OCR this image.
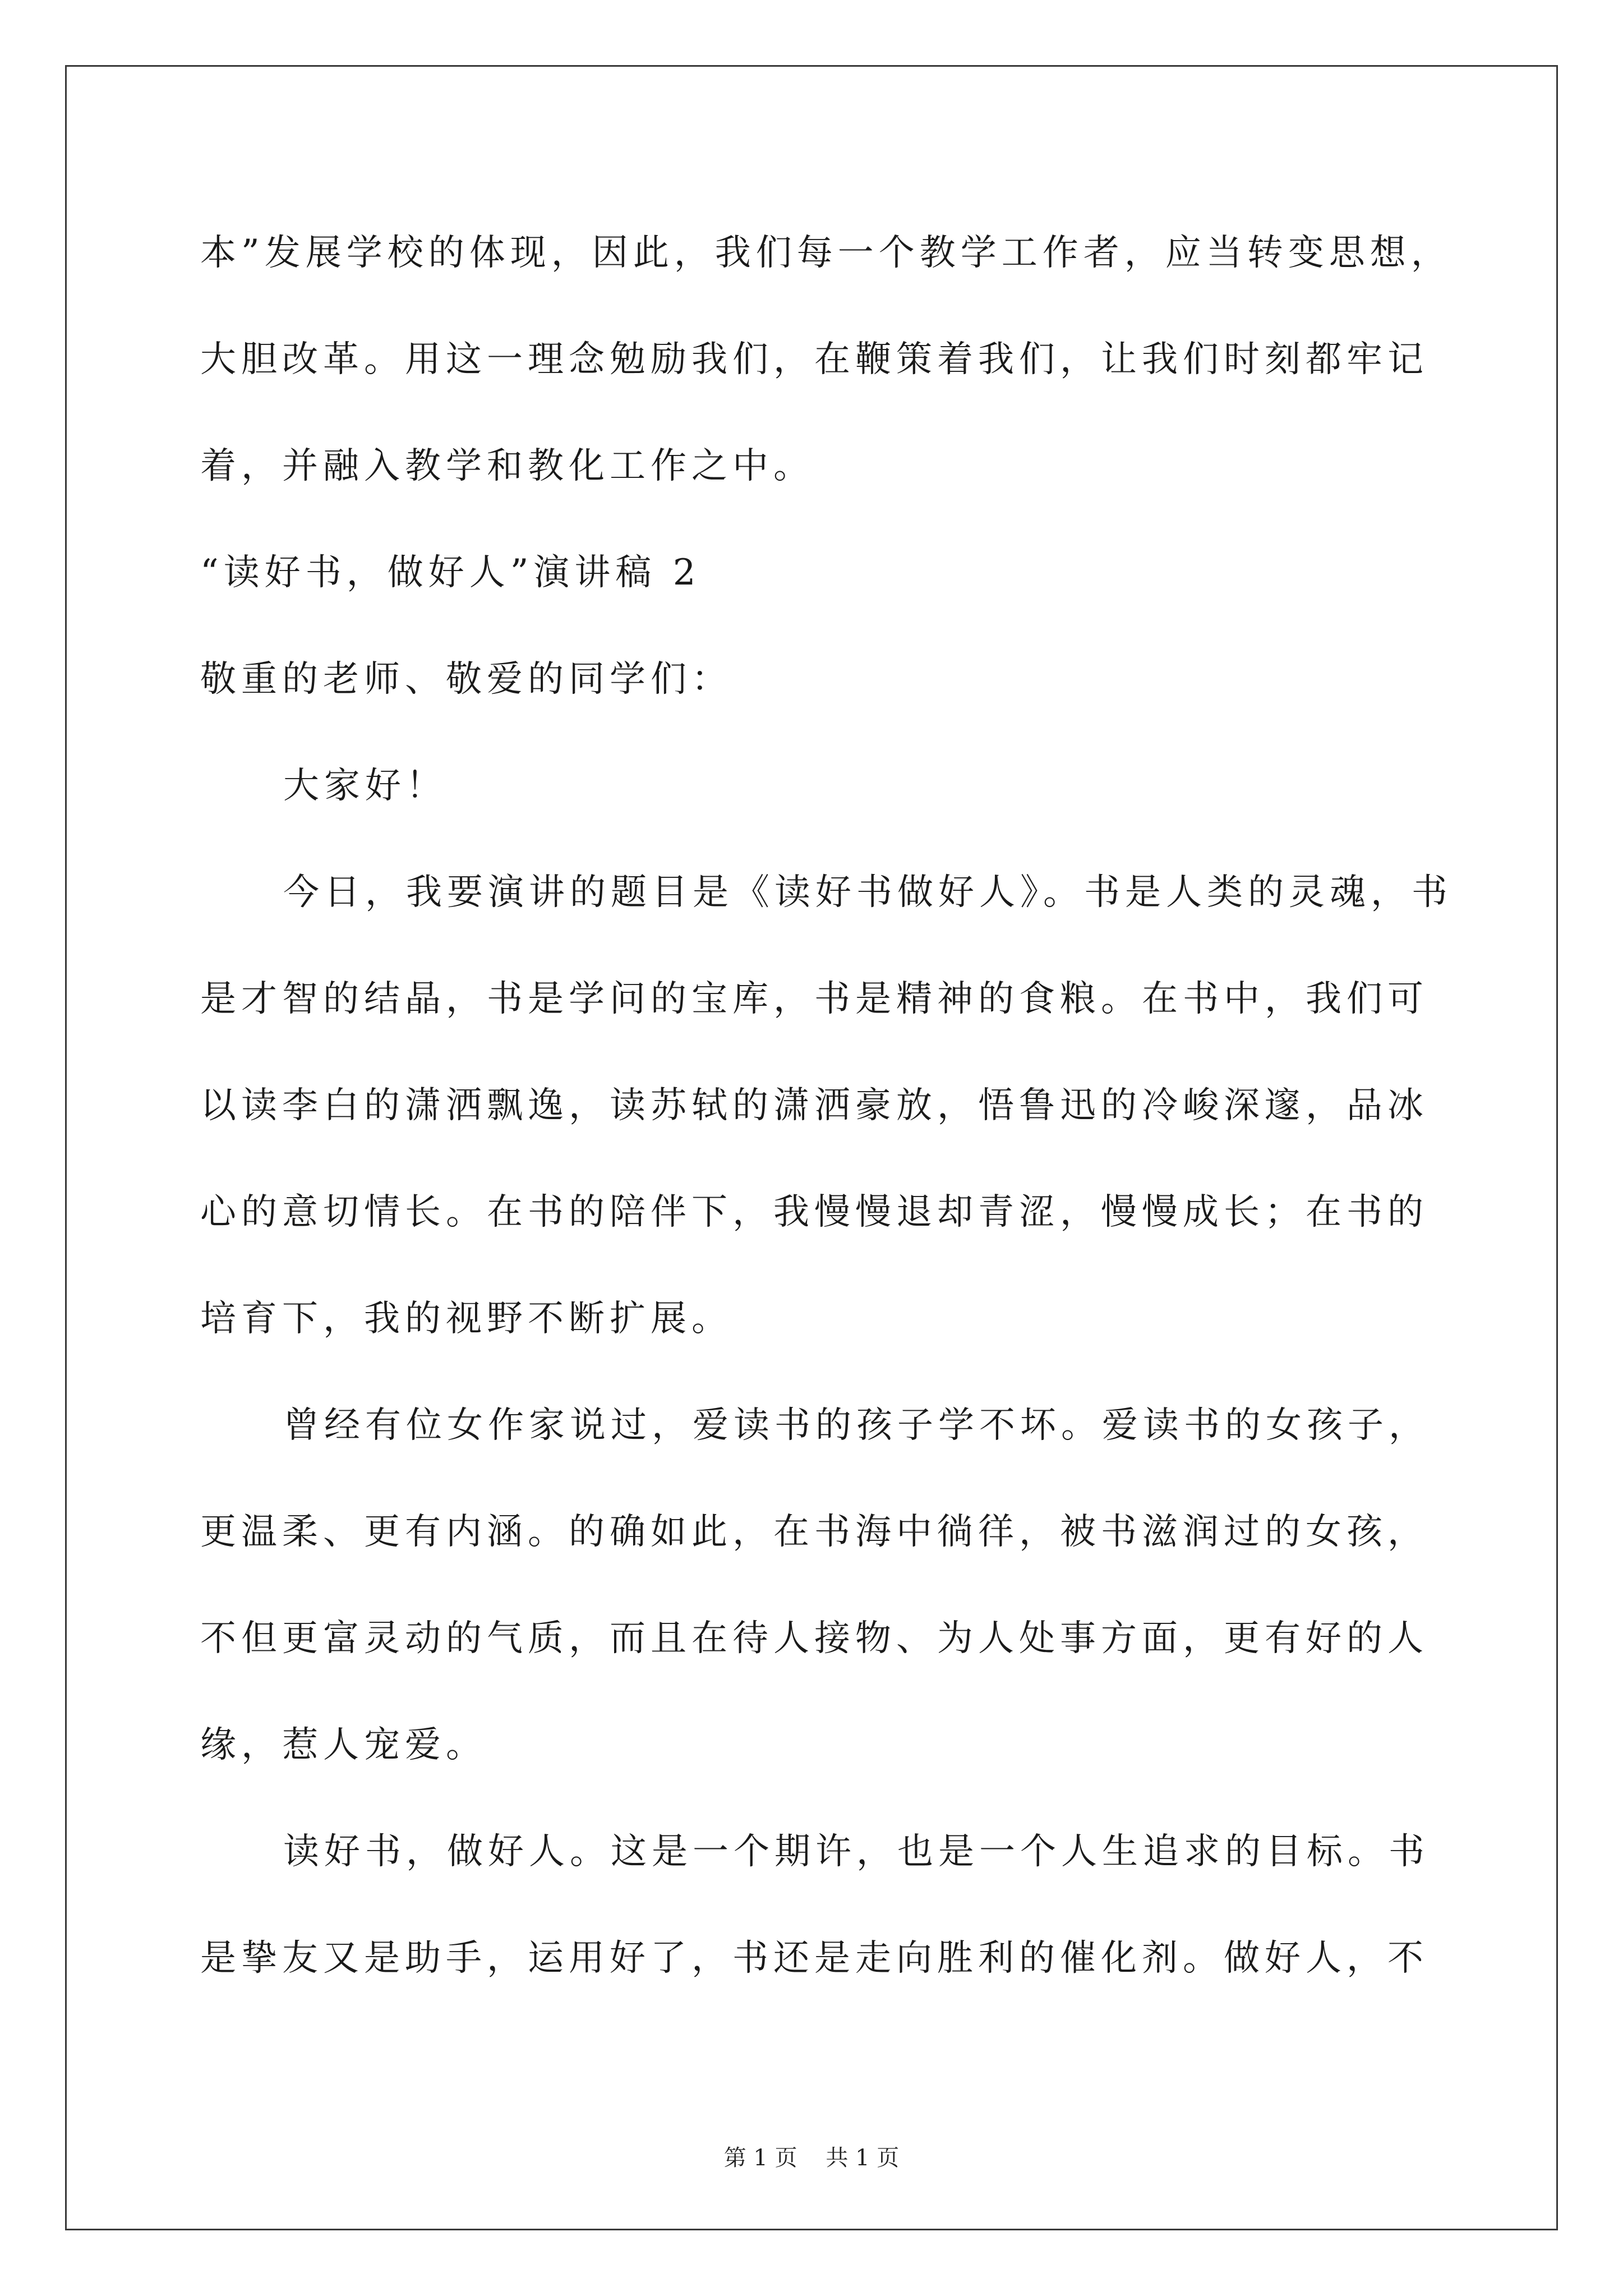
本”发展学校的体现，因此，我们每一个教学工作者，应当转变思想，
大胆改革。用这一理念勉励我们，在鞭策着我们，让我们时刻都牢记
着，并融入教学和教化工作之中。
“读好书，做好人”演讲稿 2
敬重的老师、敬爱的同学们：
大家好！
今日，我要演讲的题目是《读好书做好人》。书是人类的灵魂，书
是才智的结晶，书是学问的宝库，书是精神的食粮。在书中，我们可
以读李白的潇洒飘逸，读苏轼的潇洒豪放，悟鲁迅的冷峻深邃，品冰
心的意切情长。在书的陪伴下，我慢慢退却青涩，慢慢成长；在书的
培育下，我的视野不断扩展。
曾经有位女作家说过，爱读书的孩子学不坏。爱读书的女孩子，
更温柔、更有内涵。的确如此，在书海中徜徉，被书滋润过的女孩，
不但更富灵动的气质，而且在待人接物、为人处事方面，更有好的人
缘，惹人宠爱。
读好书，做好人。这是一个期许，也是一个人生追求的目标。书
是挚友又是助手，运用好了，书还是走向胜利的催化剂。做好人，不
第 1 页    共 1 页
